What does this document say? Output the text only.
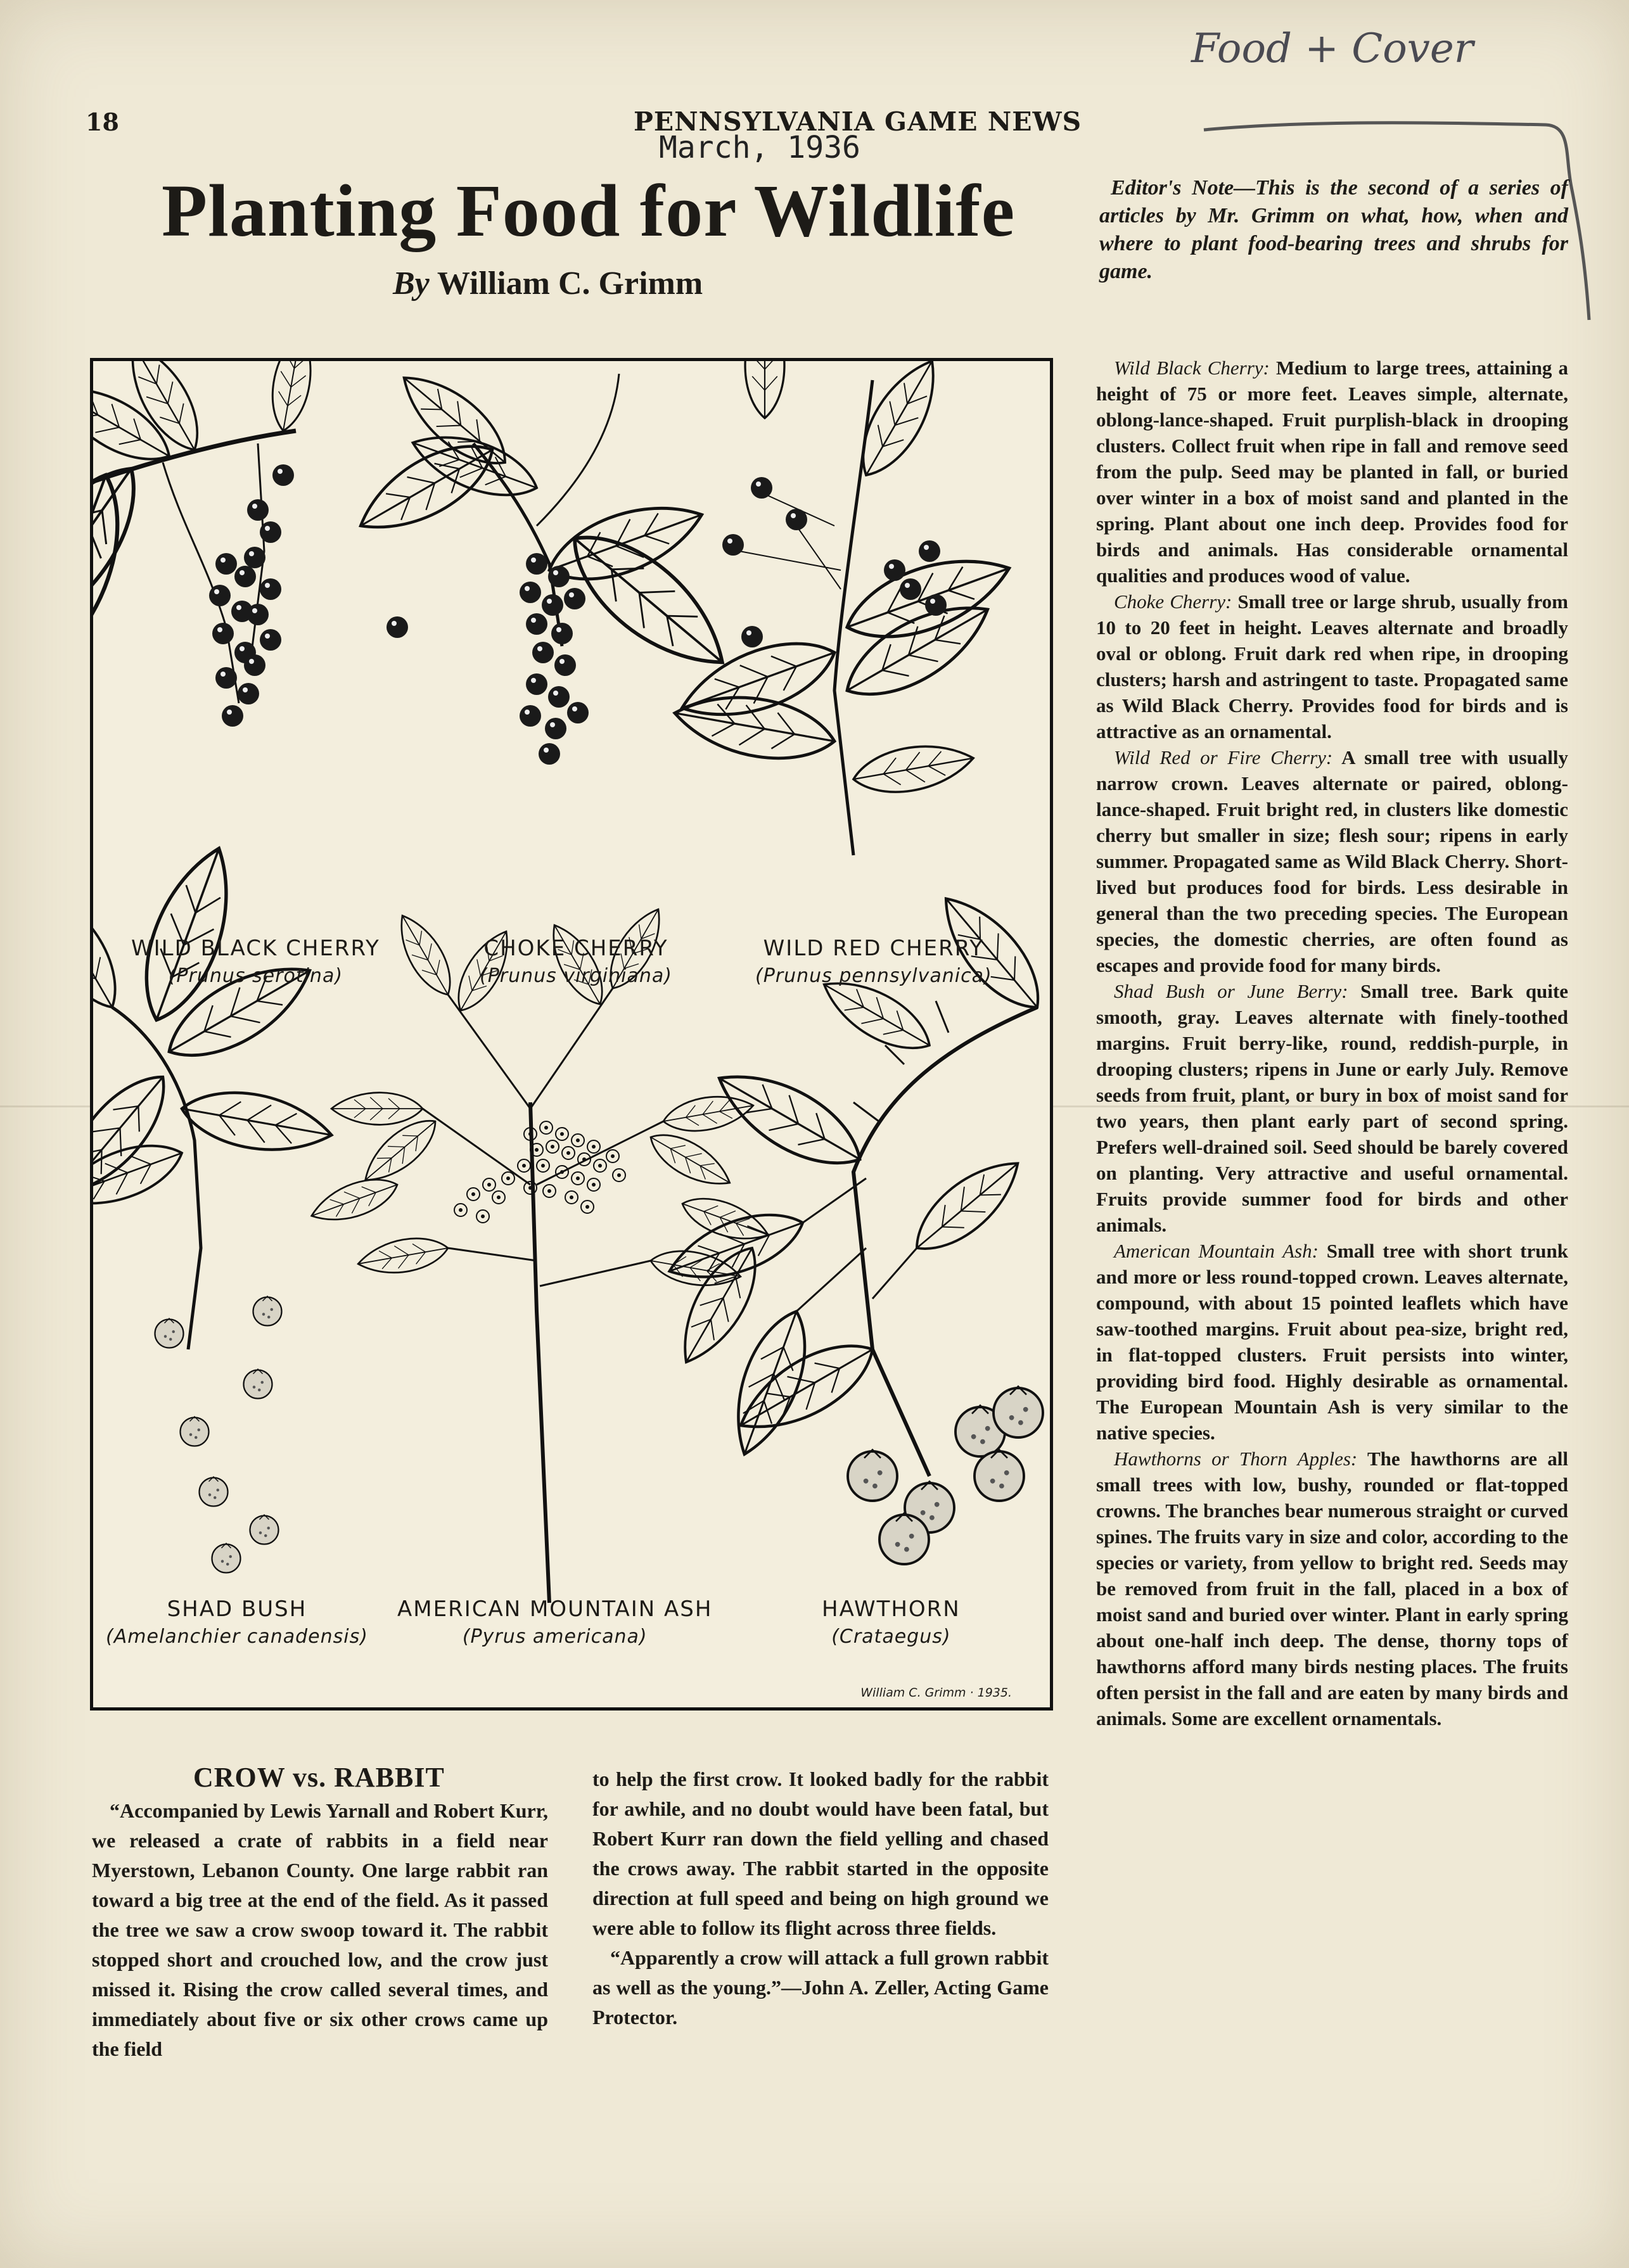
Food + Cover
18	PENNSYLVANIA GAME NEWS
March, 1936
Planting Food for Wildlife
By William C. Grimm
Editor's Note—This is the second of a series of articles by Mr. Grimm on what, how, when and where to plant food-bearing trees and shrubs for game.
WILD BLACK CHERRY
(Prunus serotina)
CHOKE CHERRY
(Prunus virginiana)
WILD RED CHERRY
(Prunus pennsylvanica)
SHAD BUSH
(Amelanchier canadensis)
AMERICAN MOUNTAIN ASH
(Pyrus americana)
HAWTHORN
(Crataegus)
William C. Grimm · 1935.

Wild Black Cherry: Medium to large trees, attaining a height of 75 or more feet. Leaves simple, alternate, oblong-lance-shaped. Fruit purplish-black in drooping clusters. Collect fruit when ripe in fall and remove seed from the pulp. Seed may be planted in fall, or buried over winter in a box of moist sand and planted in the spring. Plant about one inch deep. Provides food for birds and animals. Has considerable ornamental qualities and produces wood of value.

Choke Cherry: Small tree or large shrub, usually from 10 to 20 feet in height. Leaves alternate and broadly oval or oblong. Fruit dark red when ripe, in drooping clusters; harsh and astringent to taste. Propagated same as Wild Black Cherry. Provides food for birds and is attractive as an ornamental.

Wild Red or Fire Cherry: A small tree with usually narrow crown. Leaves alternate or paired, oblong-lance-shaped. Fruit bright red, in clusters like domestic cherry but smaller in size; flesh sour; ripens in early summer. Propagated same as Wild Black Cherry. Short-lived but produces food for birds. Less desirable in general than the two preceding species. The European species, the domestic cherries, are often found as escapes and provide food for many birds.

Shad Bush or June Berry: Small tree. Bark quite smooth, gray. Leaves alternate with finely-toothed margins. Fruit berry-like, round, reddish-purple, in drooping clusters; ripens in June or early July. Remove seeds from fruit, plant, or bury in box of moist sand for two years, then plant early part of second spring. Prefers well-drained soil. Seed should be barely covered on planting. Very attractive and useful ornamental. Fruits provide summer food for birds and other animals.

American Mountain Ash: Small tree with short trunk and more or less round-topped crown. Leaves alternate, compound, with about 15 pointed leaflets which have saw-toothed margins. Fruit about pea-size, bright red, in flat-topped clusters. Fruit persists into winter, providing bird food. Highly desirable as ornamental. The European Mountain Ash is very similar to the native species.

Hawthorns or Thorn Apples: The hawthorns are all small trees with low, bushy, rounded or flat-topped crowns. The branches bear numerous straight or curved spines. The fruits vary in size and color, according to the species or variety, from yellow to bright red. Seeds may be removed from fruit in the fall, placed in a box of moist sand and buried over winter. Plant in early spring about one-half inch deep. The dense, thorny tops of hawthorns afford many birds nesting places. The fruits often persist in the fall and are eaten by many birds and animals. Some are excellent ornamentals.

CROW vs. RABBIT

“Accompanied by Lewis Yarnall and Robert Kurr, we released a crate of rabbits in a field near Myerstown, Lebanon County. One large rabbit ran toward a big tree at the end of the field. As it passed the tree we saw a crow swoop toward it. The rabbit stopped short and crouched low, and the crow just missed it. Rising the crow called several times, and immediately about five or six other crows came up the field

to help the first crow. It looked badly for the rabbit for awhile, and no doubt would have been fatal, but Robert Kurr ran down the field yelling and chased the crows away. The rabbit started in the opposite direction at full speed and being on high ground we were able to follow its flight across three fields.

“Apparently a crow will attack a full grown rabbit as well as the young.”—John A. Zeller, Acting Game Protector.
